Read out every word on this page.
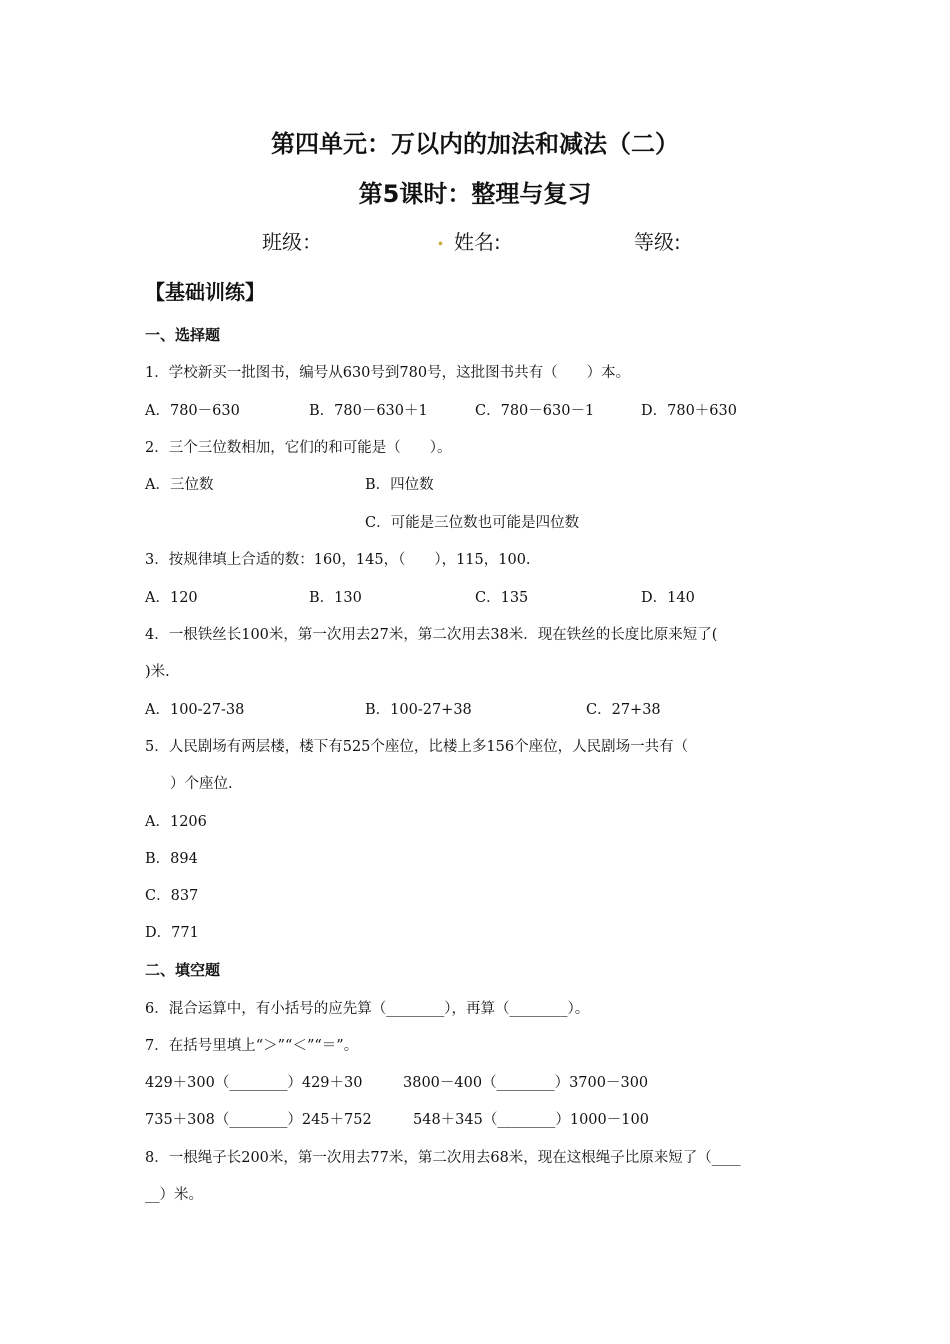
第四单元：万以内的加法和减法（二）
第5课时：整理与复习
班级：	. 姓名:	等级:
【基础训练】
一、选择题
1．学校新买一批图书，编号从630号到780号，这批图书共有（　　）本。
A．780－630	B．780－630＋1	C．780－630－1	D．780＋630
2．三个三位数相加，它们的和可能是（　　）。
A．三位数	B．四位数
C．可能是三位数也可能是四位数
3．按规律填上合适的数：160，145，（　　），115，100.
A．120	B．130	C．135	D．140
4．一根铁丝长100米，第一次用去27米，第二次用去38米．现在铁丝的长度比原来短了(
)米.
A．100-27-38	B．100-27+38	C．27+38
5．人民剧场有两层楼，楼下有525个座位，比楼上多156个座位，人民剧场一共有（
）个座位.
A．1206
B．894
C．837
D．771
二、填空题
6．混合运算中，有小括号的应先算（________），再算（________）。
7．在括号里填上“＞”“＜”“＝”。
429＋300（________）429＋30	3800－400（________）3700－300
735＋308（________）245＋752	548＋345（________）1000－100
8．一根绳子长200米，第一次用去77米，第二次用去68米，现在这根绳子比原来短了（____
__）米。
